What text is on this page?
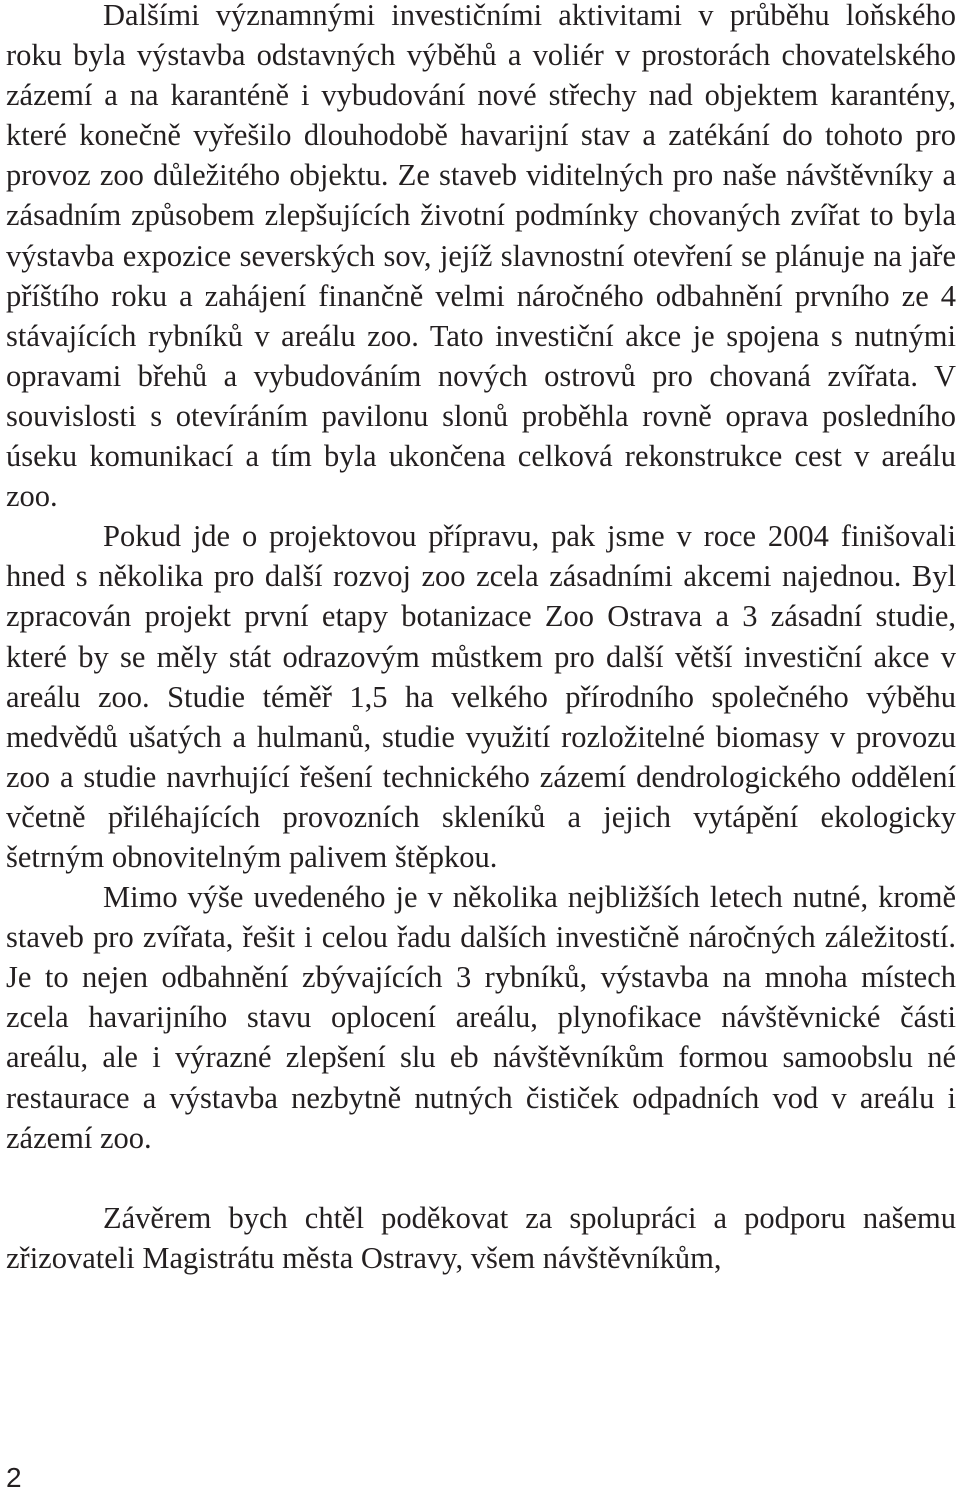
Dalšími významnými investičními aktivitami v průběhu loňského roku byla výstavba odstavných výběhů a voliér v prostorách chovatelského zázemí a na karanténě i vybudování nové střechy nad objektem karantény, které konečně vyřešilo dlouhodobě havarijní stav a zatékání do tohoto pro provoz zoo důležitého objektu. Ze staveb viditelných pro naše návštěvníky a zásadním způsobem zlepšujících životní podmínky chovaných zvířat to byla výstavba expozice severských sov, jejíž slavnostní otevření se plánuje na jaře příštího roku a zahájení finančně velmi náročného odbahnění prvního ze 4 stávajících rybníků v areálu zoo. Tato investiční akce je spojena s nutnými opravami břehů a vybudováním nových ostrovů pro chovaná zvířata. V souvislosti s otevíráním pavilonu slonů proběhla rovně oprava posledního úseku komunikací a tím byla ukončena celková rekonstrukce cest v areálu zoo.

Pokud jde o projektovou přípravu, pak jsme v roce 2004 finišovali hned s několika pro další rozvoj zoo zcela zásadními akcemi najednou. Byl zpracován projekt první etapy botanizace Zoo Ostrava a 3 zásadní studie, které by se měly stát odrazovým můstkem pro další větší investiční akce v areálu zoo. Studie téměř 1,5 ha velkého přírodního společného výběhu medvědů ušatých a hulmanů, studie využití rozložitelné biomasy v provozu zoo a studie navrhující řešení technického zázemí dendrologického oddělení včetně přiléhajících provozních skleníků a jejich vytápění ekologicky šetrným obnovitelným palivem štěpkou.

Mimo výše uvedeného je v několika nejbližších letech nutné, kromě staveb pro zvířata, řešit i celou řadu dalších investičně náročných záležitostí. Je to nejen odbahnění zbývajících 3 rybníků, výstavba na mnoha místech zcela havarijního stavu oplocení areálu, plynofikace návštěvnické části areálu, ale i výrazné zlepšení slu eb návštěvníkům formou samoobslu né restaurace a výstavba nezbytně nutných čističek odpadních vod v areálu i zázemí zoo.

Závěrem bych chtěl poděkovat za spolupráci a podporu našemu zřizovateli Magistrátu města Ostravy, všem návštěvníkům,

2
